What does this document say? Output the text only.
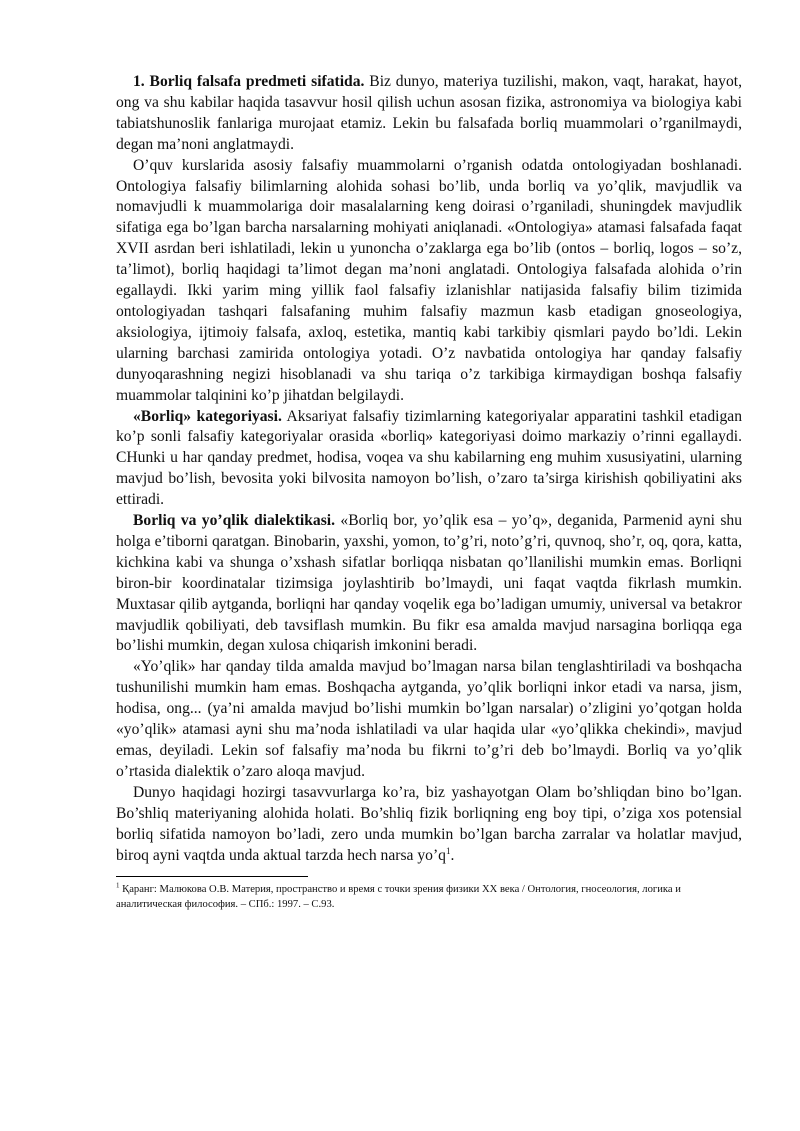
1. Borliq falsafa predmeti sifatida. Biz dunyo, materiya tuzilishi, makon, vaqt, harakat, hayot, ong va shu kabilar haqida tasavvur hosil qilish uchun asosan fizika, astronomiya va biologiya kabi tabiatshunoslik fanlariga murojaat etamiz. Lekin bu falsafada borliq muammolari o’rganilmaydi, degan ma’noni anglatmaydi.

O’quv kurslarida asosiy falsafiy muammolarni o’rganish odatda ontologiyadan boshlanadi. Ontologiya falsafiy bilimlarning alohida sohasi bo’lib, unda borliq va yo’qlik, mavjudlik va nomavjudli k muammolariga doir masalalarning keng doirasi o’rganiladi, shuningdek mavjudlik sifatiga ega bo’lgan barcha narsalarning mohiyati aniqlanadi. «Ontologiya» atamasi falsafada faqat XVII asrdan beri ishlatiladi, lekin u yunoncha o’zaklarga ega bo’lib (ontos – borliq, logos – so’z, ta’limot), borliq haqidagi ta’limot degan ma’noni anglatadi. Ontologiya falsafada alohida o’rin egallaydi. Ikki yarim ming yillik faol falsafiy izlanishlar natijasida falsafiy bilim tizimida ontologiyadan tashqari falsafaning muhim falsafiy mazmun kasb etadigan gnoseologiya, aksiologiya, ijtimoiy falsafa, axloq, estetika, mantiq kabi tarkibiy qismlari paydo bo’ldi. Lekin ularning barchasi zamirida ontologiya yotadi. O’z navbatida ontologiya har qanday falsafiy dunyoqarashning negizi hisoblanadi va shu tariqa o’z tarkibiga kirmaydigan boshqa falsafiy muammolar talqinini ko’p jihatdan belgilaydi.

«Borliq» kategoriyasi. Aksariyat falsafiy tizimlarning kategoriyalar apparatini tashkil etadigan ko’p sonli falsafiy kategoriyalar orasida «borliq» kategoriyasi doimo markaziy o’rinni egallaydi. CHunki u har qanday predmet, hodisa, voqea va shu kabilarning eng muhim xususiyatini, ularning mavjud bo’lish, bevosita yoki bilvosita namoyon bo’lish, o’zaro ta’sirga kirishish qobiliyatini aks ettiradi.

Borliq va yo’qlik dialektikasi. «Borliq bor, yo’qlik esa – yo’q», deganida, Parmenid ayni shu holga e’tiborni qaratgan. Binobarin, yaxshi, yomon, to’g’ri, noto’g’ri, quvnoq, sho’r, oq, qora, katta, kichkina kabi va shunga o’xshash sifatlar borliqqa nisbatan qo’llanilishi mumkin emas. Borliqni biron-bir koordinatalar tizimsiga joylashtirib bo’lmaydi, uni faqat vaqtda fikrlash mumkin. Muxtasar qilib aytganda, borliqni har qanday voqelik ega bo’ladigan umumiy, universal va betakror mavjudlik qobiliyati, deb tavsiflash mumkin. Bu fikr esa amalda mavjud narsagina borliqqa ega bo’lishi mumkin, degan xulosa chiqarish imkonini beradi.

«Yo’qlik» har qanday tilda amalda mavjud bo’lmagan narsa bilan tenglashtiriladi va boshqacha tushunilishi mumkin ham emas. Boshqacha aytganda, yo’qlik borliqni inkor etadi va narsa, jism, hodisa, ong... (ya’ni amalda mavjud bo’lishi mumkin bo’lgan narsalar) o’zligini yo’qotgan holda «yo’qlik» atamasi ayni shu ma’noda ishlatiladi va ular haqida ular «yo’qlikka chekindi», mavjud emas, deyiladi. Lekin sof falsafiy ma’noda bu fikrni to’g’ri deb bo’lmaydi. Borliq va yo’qlik o’rtasida dialektik o’zaro aloqa mavjud.

Dunyo haqidagi hozirgi tasavvurlarga ko’ra, biz yashayotgan Olam bo’shliqdan bino bo’lgan. Bo’shliq materiyaning alohida holati. Bo’shliq fizik borliqning eng boy tipi, o’ziga xos potensial borliq sifatida namoyon bo’ladi, zero unda mumkin bo’lgan barcha zarralar va holatlar mavjud, biroq ayni vaqtda unda aktual tarzda hech narsa yo’q$^1$.

$^1$ Қаранг: Малюкова О.В. Материя, пространство и время с точки зрения физики XX века / Онтология, гносеология, логика и аналитическая философия. – СПб.: 1997. – С.93.
